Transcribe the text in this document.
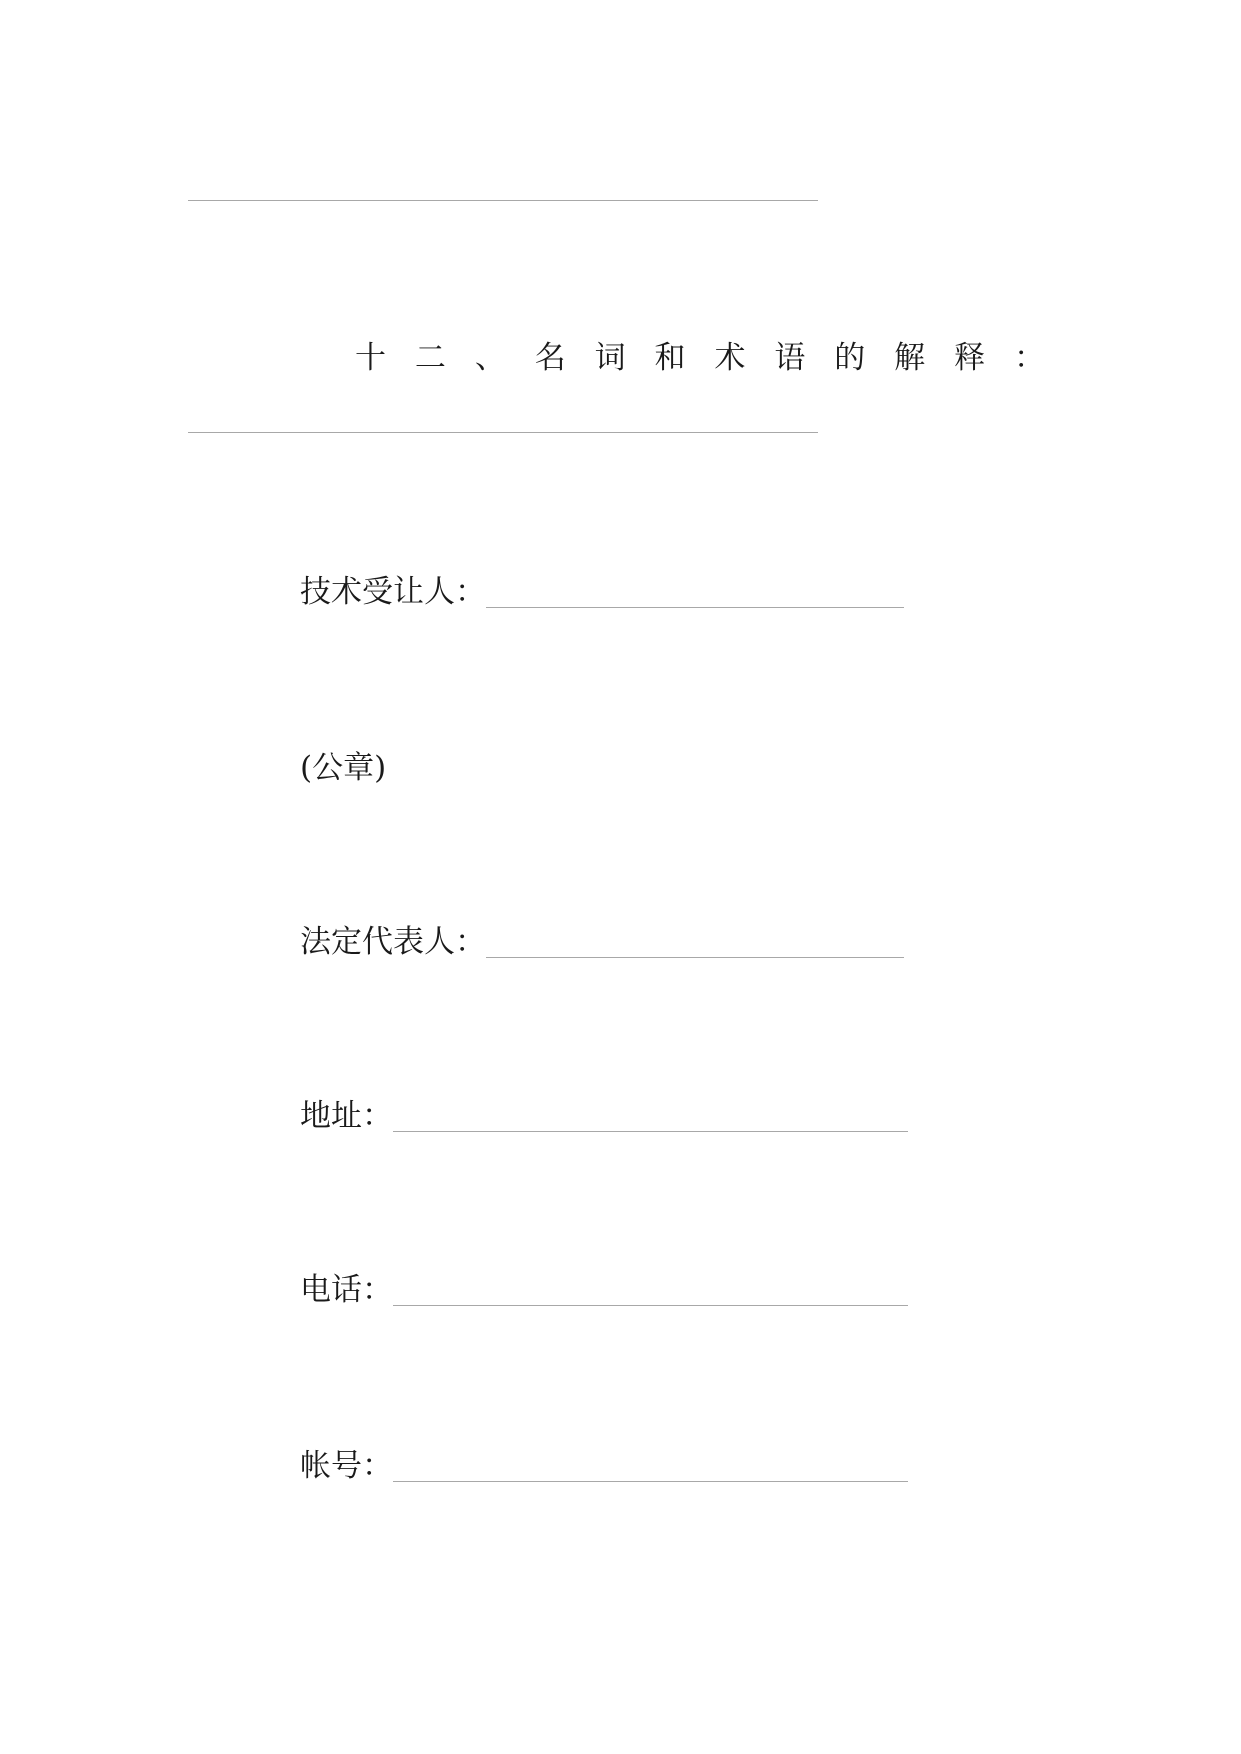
十 二 、 名 词 和 术 语 的 解 释 ：
技术受让人：
(公章)
法定代表人：
地址：
电话：
帐号：
